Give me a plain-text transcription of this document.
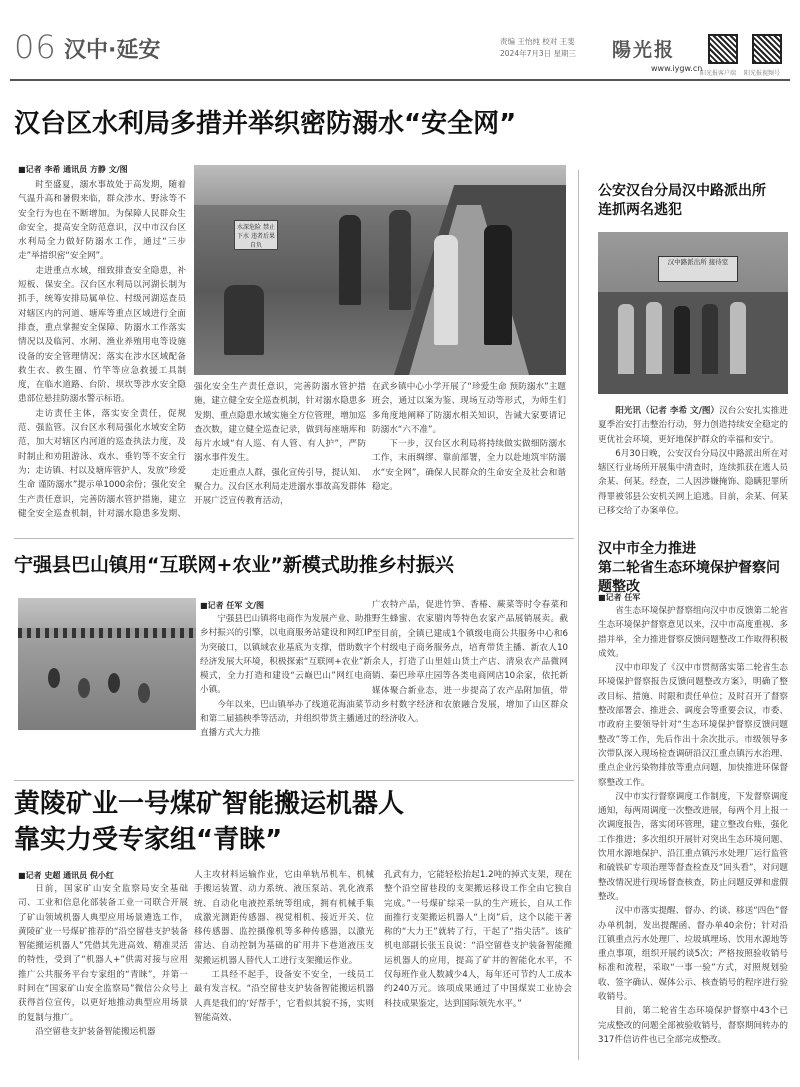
06 汉中·延安	责编 王怡纯 校对 王斐
2024年7月3日 星期三 陽光报
www.iygw.cn
阳光报客户端 阳光报视频号
汉台区水利局多措并举织密防溺水“安全网”
■记者 李希 通讯员 方静 文/图
水深危险 禁止下水 违者后果自负

时至盛夏，溺水事故处于高发期，随着气温升高和暑假来临，群众涉水、野泳等不安全行为也在不断增加。为保障人民群众生命安全，提高安全防范意识，汉中市汉台区水利局全力做好防溺水工作，通过“三步走”举措织密“安全网”。

走进重点水域，细致排查安全隐患，补短板、保安全。汉台区水利局以河湖长制为抓手，统筹安排局属单位、村级河湖巡查员对辖区内的河道、塘库等重点区域进行全面排查，重点掌握安全保障、防溺水工作落实情况以及临河、水闸、渔业养殖用电等设施设备的安全管理情况；落实在涉水区域配备救生衣、救生圈、竹竿等应急救援工具制度，在临水道路、台阶、坝坎等涉水安全隐患部位悬挂防溺水警示标语。

走访责任主体，落实安全责任，促规范、强监管。汉台区水利局强化水域安全防范，加大对辖区内河道的巡查执法力度，及时制止和劝阻游泳、戏水、垂钓等不安全行为；走访镇、村以及塘库管护人，发放“珍爱生命 谨防溺水”提示单1000余份；强化安全生产责任意识，完善防溺水管护措施，建立健全安全巡查机制，针对溺水隐患多发期、

强化安全生产责任意识，完善防溺水管护措施，建立健全安全巡查机制，针对溺水隐患多发期、重点隐患水域实施全方位管理，增加巡查次数，建立健全巡查记录，做到每座塘库和每片水域“有人巡、有人管、有人护”，严防溺水事件发生。

走近重点人群，强化宣传引导，提认知、聚合力。汉台区水利局走进溺水事故高发群体开展广泛宣传教育活动，

在武乡镇中心小学开展了“珍爱生命 预防溺水”主题班会，通过以案为鉴、现场互动等形式，为师生们多角度地阐释了防溺水相关知识，告诫大家要请记防溺水“六不准”。

下一步，汉台区水利局将持续做实做细防溺水工作，末雨绸缪、靠前部署，全力以赴地筑牢防溺水“安全网”，确保人民群众的生命安全及社会和谐稳定。

公安汉台分局汉中路派出所
连抓两名逃犯
汉中路派出所 接待室

阳光讯（记者 李希 文/图）汉台公安扎实推进夏季治安打击整治行动，努力创造持续安全稳定的更优社会环境，更好地保护群众的幸福和安宁。

6月30日晚，公安汉台分局汉中路派出所在对辖区行业场所开展集中清查时，连续抓获在逃人员余某、何某。经查，二人因涉嫌掩饰、隐瞒犯罪所得罪被邻县公安机关网上追逃。目前，余某、何某已移交给了办案单位。

宁强县巴山镇用“互联网+农业”新模式助推乡村振兴
■记者 任军 文/图

宁强县巴山镇将电商作为发展产业、助推乡村振兴的引擎，以电商服务站建设和网红IP为突破口，以镇域农业基底为支撑，借助数字经济发展大环境，积极探索“互联网+农业”新模式，全力打造和建设“云巅巴山”网红电商小镇。

今年以来，巴山镇举办了线道花海油菜节和第二届插秧季等活动，并组织带货主播通过直播方式大力推

广农特产品，促进竹笋、香椿、蕨菜等时令春菜和野生蜂蜜、农家腊肉等特色农家产品展销展卖。截至目前，全镇已建成1个镇级电商公共服务中心和6个村级电子商务服务点，培育带货主播、新农人10余人，打造了山里娃山货土产店、清泉农产品微网销、秦巴珍草庄园等各类电商网店10余家，依托新媒体聚合新业态，进一步提高了农产品附加值，带动乡村数字经济和农旅融合发展，增加了山区群众的经济收入。

汉中市全力推进
第二轮省生态环境保护督察问题整改
■记者 任军

省生态环境保护督察组向汉中市反馈第二轮省生态环境保护督察意见以来，汉中市高度重视、多措并举，全力推进督察反馈问题整改工作取得积极成效。

汉中市印发了《汉中市贯彻落实第二轮省生态环境保护督察报告反馈问题整改方案》，明确了整改目标、措施、时限和责任单位；及时召开了督察整改部署会、推进会、调度会等重要会议，市委、市政府主要领导针对“生态环境保护督察反馈问题整改”等工作，先后作出十余次批示。市级领导多次带队深入现场检查调研沿汉江重点镇污水治理、重点企业污染物排放等重点问题，加快推进环保督察整改工作。

汉中市实行督察调度工作制度，下发督察调度通知，每两周调度一次整改进展，每两个月上报一次调度报告，落实闭环管理，建立整改台账，强化工作推进；多次组织开展针对突出生态环境问题、饮用水源地保护、沿江重点镇污水处理厂运行监管和硫铁矿专项治理等督查检查及“回头看”，对问题整改情况进行现场督查核查，防止问题反弹和虚假整改。

汉中市落实提醒、督办、约谈、移送“四色”督办单机制，发出提醒函、督办单40余份；针对沿江镇重点污水处理厂、垃圾填埋场、饮用水源地等重点事项，组织开展约谈5次；严格按照验收销号标准和流程，采取“一事一验”方式，对照规划验收、签字确认、媒体公示、核查销号的程序进行验收销号。

目前，第二轮省生态环境保护督察中43个已完成整改的问题全部被验收销号，督察期间转办的317件信访件也已全部完成整改。

黄陵矿业一号煤矿智能搬运机器人
靠实力受专家组“青睐”
■记者 史超 通讯员 倪小红

日前，国家矿山安全监察局安全基础司、工业和信息化部装备工业一司联合开展了矿山领域机器人典型应用场景遴选工作，黄陵矿业一号煤矿推荐的“沿空留巷支护装备智能搬运机器人”凭借其先进高效、精准灵活的特性，受到了“机器人+”供需对接与应用推广公共服务平台专家组的“青睐”，并第一时间在“国家矿山安全监察局”微信公众号上获得首位宣传，以更好地推动典型应用场景的复制与推广。

沿空留巷支护装备智能搬运机器

人主攻材料运输作业，它由单轨吊机车、机械手搬运装置、动力系统、液压泵站、乳化液系统、自动化电液控系统等组成，拥有机械手集成激光测距传感器、视觉相机、接近开关、位移传感器、监控摄像机等多种传感器，以激光雷达、自动控制为基础的矿用井下巷道液压支架搬运机器人替代人工进行支架搬运作业。

工具经不起手，设备安不安全，一线员工最有发言权。“沿空留巷支护装备智能搬运机器人真是我们的‘好帮手’，它看似其貌不扬，实则智能高效、

孔武有力，它能轻松抬起1.2吨的掉式支架，现在整个沿空留巷段的支架搬运移设工作全由它独自完成。”一号煤矿综采一队的生产班长，自从工作面推行支架搬运机器人“上岗”后，这个以能干著称的“大力王”就转了行，干起了“指尖活”。该矿机电部副长张玉良说：“沿空留巷支护装备智能搬运机器人的应用，提高了矿井的智能化水平，不仅每班作业人数减少4人，每年还可节约人工成本约240万元。该项成果通过了中国煤炭工业协会科技成果鉴定，达到国际领先水平。”
